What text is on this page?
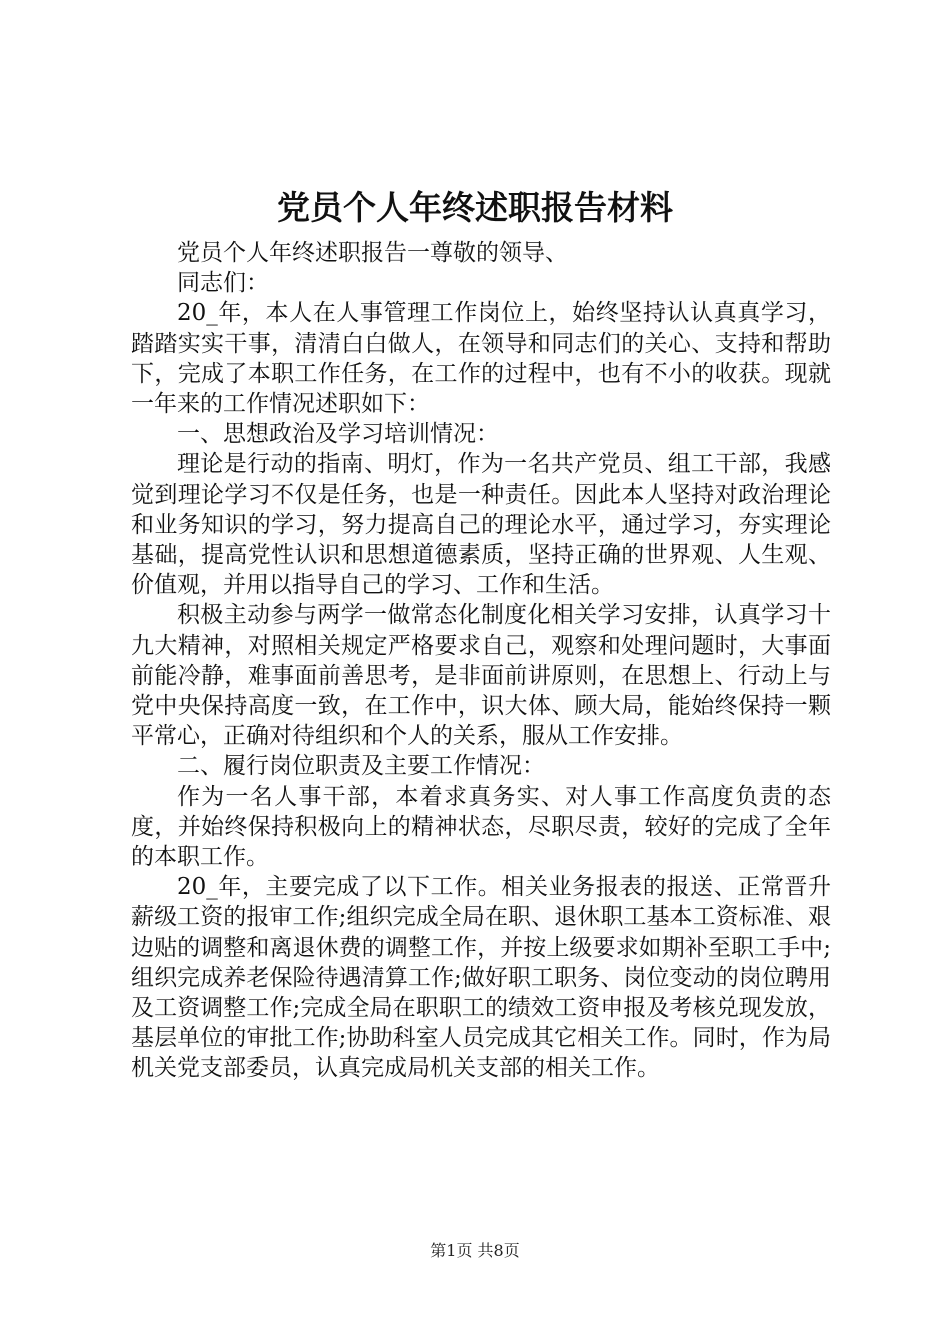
党员个人年终述职报告材料

党员个人年终述职报告一尊敬的领导、

同志们：

20_年，本人在人事管理工作岗位上，始终坚持认认真真学习，踏踏实实干事，清清白白做人，在领导和同志们的关心、支持和帮助下，完成了本职工作任务，在工作的过程中，也有不小的收获。现就一年来的工作情况述职如下：

一、思想政治及学习培训情况：

理论是行动的指南、明灯，作为一名共产党员、组工干部，我感觉到理论学习不仅是任务，也是一种责任。因此本人坚持对政治理论和业务知识的学习，努力提高自己的理论水平，通过学习，夯实理论基础，提高党性认识和思想道德素质，坚持正确的世界观、人生观、价值观，并用以指导自己的学习、工作和生活。

积极主动参与两学一做常态化制度化相关学习安排，认真学习十九大精神，对照相关规定严格要求自己，观察和处理问题时，大事面前能冷静，难事面前善思考，是非面前讲原则，在思想上、行动上与党中央保持高度一致，在工作中，识大体、顾大局，能始终保持一颗平常心，正确对待组织和个人的关系，服从工作安排。

二、履行岗位职责及主要工作情况：

作为一名人事干部，本着求真务实、对人事工作高度负责的态度，并始终保持积极向上的精神状态，尽职尽责，较好的完成了全年的本职工作。

20_年，主要完成了以下工作。相关业务报表的报送、正常晋升薪级工资的报审工作;组织完成全局在职、退休职工基本工资标准、艰边贴的调整和离退休费的调整工作，并按上级要求如期补至职工手中;组织完成养老保险待遇清算工作;做好职工职务、岗位变动的岗位聘用及工资调整工作;完成全局在职职工的绩效工资申报及考核兑现发放，基层单位的审批工作;协助科室人员完成其它相关工作。同时，作为局机关党支部委员，认真完成局机关支部的相关工作。

第1页 共8页
